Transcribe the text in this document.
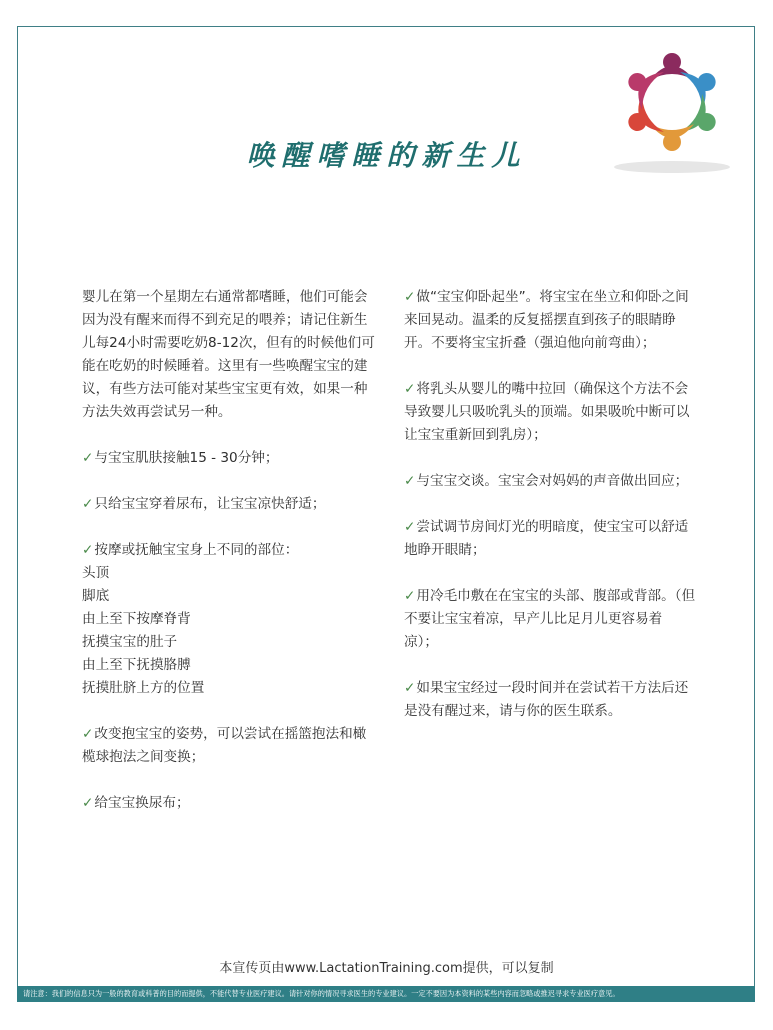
唤醒嗜睡的新生儿

婴儿在第一个星期左右通常都嗜睡，他们可能会因为没有醒来而得不到充足的喂养；请记住新生儿每24小时需要吃奶8-12次，但有的时候他们可能在吃奶的时候睡着。这里有一些唤醒宝宝的建议，有些方法可能对某些宝宝更有效，如果一种方法失效再尝试另一种。

✓与宝宝肌肤接触15 - 30分钟；

✓只给宝宝穿着尿布，让宝宝凉快舒适；

✓按摩或抚触宝宝身上不同的部位：
头顶
脚底
由上至下按摩脊背
抚摸宝宝的肚子
由上至下抚摸胳膊
抚摸肚脐上方的位置

✓改变抱宝宝的姿势，可以尝试在摇篮抱法和橄榄球抱法之间变换；

✓给宝宝换尿布；

✓做“宝宝仰卧起坐”。将宝宝在坐立和仰卧之间来回晃动。温柔的反复摇摆直到孩子的眼睛睁开。不要将宝宝折叠（强迫他向前弯曲）；

✓将乳头从婴儿的嘴中拉回（确保这个方法不会导致婴儿只吸吮乳头的顶端。如果吸吮中断可以让宝宝重新回到乳房）；

✓与宝宝交谈。宝宝会对妈妈的声音做出回应；

✓尝试调节房间灯光的明暗度，使宝宝可以舒适地睁开眼睛；

✓用冷毛巾敷在在宝宝的头部、腹部或背部。（但不要让宝宝着凉，早产儿比足月儿更容易着凉）；

✓如果宝宝经过一段时间并在尝试若干方法后还是没有醒过来，请与你的医生联系。

本宣传页由www.LactationTraining.com提供，可以复制
请注意：我们的信息只为一般的教育或科普的目的而提供，不能代替专业医疗建议。请针对你的情况寻求医生的专业建议。一定不要因为本资料的某些内容而忽略或推迟寻求专业医疗意见。
